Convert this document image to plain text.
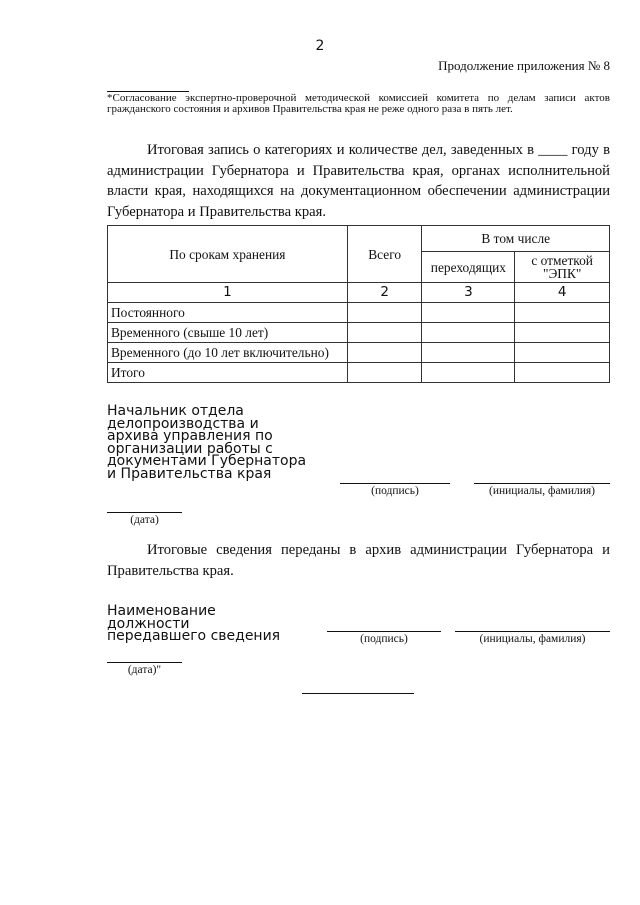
2
Продолжение приложения № 8
*Согласование экспертно-проверочной методической комиссией комитета по делам записи актов гражданского состояния и архивов Правительства края не реже одного раза в пять лет.
Итоговая запись о категориях и количестве дел, заведенных в ____ году в администрации Губернатора и Правительства края, органах исполнительной власти края, находящихся на документационном обеспечении администрации Губернатора и Правительства края.
По срокам хранения	Всего	В том числе	
		переходящих	с отметкой "ЭПК"
1	2	3	4
Постоянного			
Временного (свыше 10 лет)			
Временного (до 10 лет включительно)			
Итого			
Начальник отдела делопроизводства и архива управления по организации работы с документами Губернатора и Правительства края
(подпись)	(инициалы, фамилия)
(дата)
Итоговые сведения переданы в архив администрации Губернатора и Правительства края.
Наименование должности передавшего сведения	(подпись)	(инициалы, фамилия)
(дата)"
